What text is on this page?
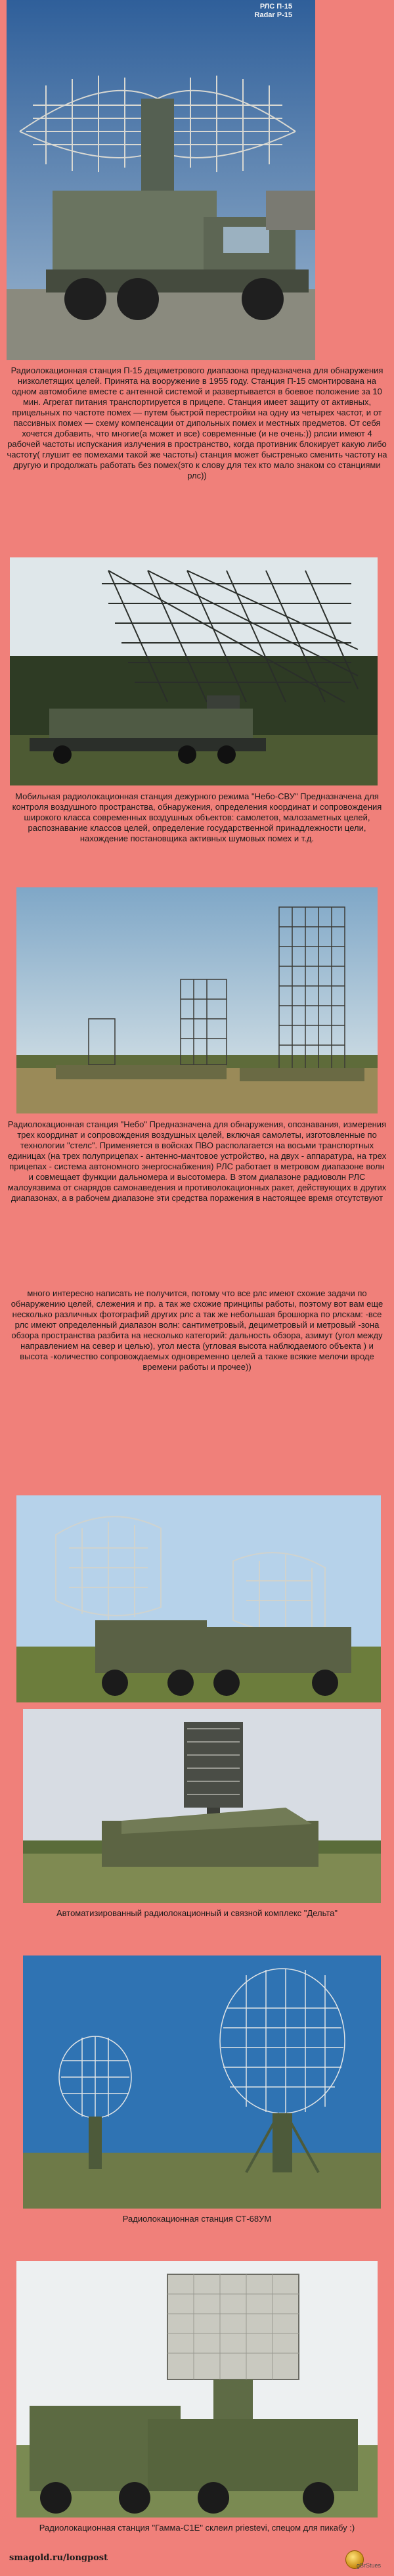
РЛС П-15
Radar P-15

Радиолокационная станция П-15 дециметрового диапазона предназначена для обнаружения низколетящих целей. Принята на вооружение в 1955 году. Станция П-15 смонтирована на одном автомобиле вместе с антенной системой и развертывается в боевое положение за 10 мин. Агрегат питания транспортируется в прицепе. Станция имеет защиту от активных, прицельных по частоте помех — путем быстрой перестройки на одну из четырех частот, и от пассивных помех — схему компенсации от дипольных помех и местных предметов. От себя хочется добавить, что многие(а может и все) современные (и не очень:)) рлсии имеют 4 рабочей частоты испускания излучения в пространство, когда противник блокирует какую либо частоту( глушит ее помехами такой же частоты) станция может быстренько сменить частоту на другую и продолжать работать без помех(это к слову для тех кто мало знаком со станциями рлс))

Мобильная радиолокационная станция дежурного режима "Небо-СВУ" Предназначена для контроля воздушного пространства, обнаружения, определения координат и сопровождения широкого класса современных воздушных объектов: самолетов, малозаметных целей, распознавание классов целей, определение государственной принадлежности цели, нахождение постановщика активных шумовых помех и т.д.

Радиолокационная станция "Небо" Предназначена для обнаружения, опознавания, измерения трех координат и сопровождения воздушных целей, включая самолеты, изготовленные по технологии "стелс". Применяется в войсках ПВО располагается на восьми транспортных единицах (на трех полуприцепах - антенно-мачтовое устройство, на двух - аппаратура, на трех прицепах - система автономного энергоснабжения) РЛС работает в метровом диапазоне волн и совмещает функции дальномера и высотомера. В этом диапазоне радиоволн РЛС малоуязвима от снарядов самонаведения и противолокационных ракет, действующих в других диапазонах, а в рабочем диапазоне эти средства поражения в настоящее время отсутствуют

много интересно написать не получится, потому что все рлс имеют схожие задачи по обнаружению целей, слежения и пр. а так же схожие принципы работы, поэтому вот вам еще несколько различных фотографий других рлс а так же небольшая брошюрка по рлскам: -все рлс имеют определенный диапазон волн: сантиметровый, дециметровый и метровый -зона обзора пространства разбита на несколько категорий: дальность обзора, азимут (угол между направлением на север и целью), угол места (угловая высота наблюдаемого объекта ) и высота -количество сопровождаемых одновременно целей а также всякие мелочи вроде времени работы и прочее))

Автоматизированный радиолокационный и связной комплекс "Дельта"

Радиолокационная станция СТ-68УМ

Радиолокационная станция "Гамма-С1Е" склеил priestevi, спецом для пикабу :)

smagold.ru/longpost
gBrStues
